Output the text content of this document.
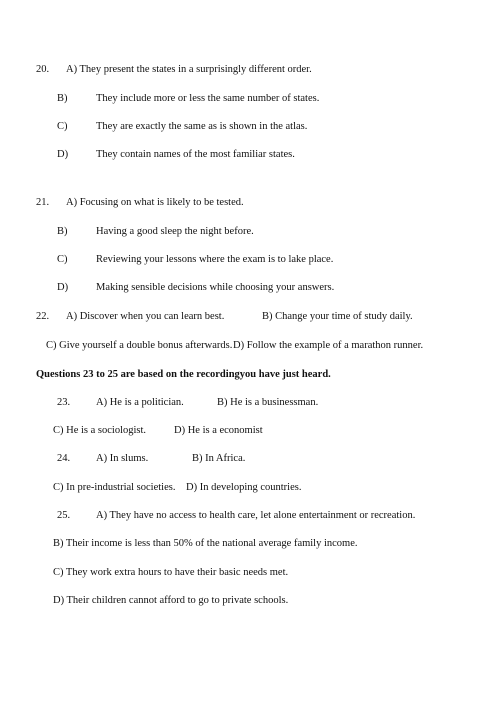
20. A) They present the states in a surprisingly different order.
B)	They include more or less the same number of states.
C)	They are exactly the same as is shown in the atlas.
D)	They contain names of the most familiar states.
21. A) Focusing on what is likely to be tested.
B)	Having a good sleep the night before.
C)	Reviewing your lessons where the exam is to lake place.
D)	Making sensible decisions while choosing your answers.
22. A) Discover when you can learn best.	B) Change your time of study daily.
C) Give yourself a double bonus afterwards. D) Follow the example of a marathon runner.
Questions 23 to 25 are based on the recordingyou have just heard.
23. A) He is a politician.	B) He is a businessman.
C) He is a sociologist.	D) He is a economist
24. A) In slums.	B) In Africa.
C) In pre-industrial societies. D) In developing countries.
25. A) They have no access to health care, let alone entertainment or recreation.
B) Their income is less than 50% of the national average family income.
C) They work extra hours to have their basic needs met.
D) Their children cannot afford to go to private schools.
